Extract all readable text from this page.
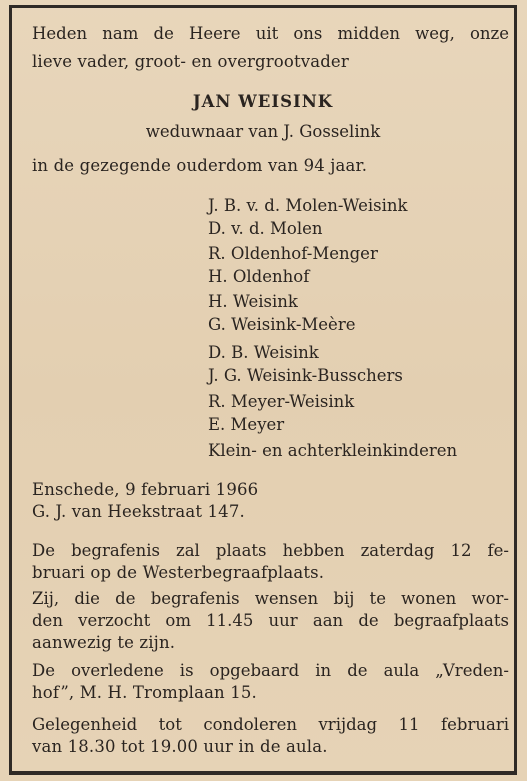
Heden nam de Heere uit ons midden weg, onze
lieve vader, groot- en overgrootvader
JAN WEISINK
weduwnaar van J. Gosselink
in de gezegende ouderdom van 94 jaar.
J. B. v. d. Molen-Weisink
D. v. d. Molen
R. Oldenhof-Menger
H. Oldenhof
H. Weisink
G. Weisink-Meère
D. B. Weisink
J. G. Weisink-Busschers
R. Meyer-Weisink
E. Meyer
Klein- en achterkleinkinderen
Enschede, 9 februari 1966
G. J. van Heekstraat 147.
De begrafenis zal plaats hebben zaterdag 12 fe-
bruari op de Westerbegraafplaats.
Zij, die de begrafenis wensen bij te wonen wor-
den verzocht om 11.45 uur aan de begraafplaats
aanwezig te zijn.
De overledene is opgebaard in de aula „Vreden-
hof”, M. H. Tromplaan 15.
Gelegenheid tot condoleren vrijdag 11 februari
van 18.30 tot 19.00 uur in de aula.
